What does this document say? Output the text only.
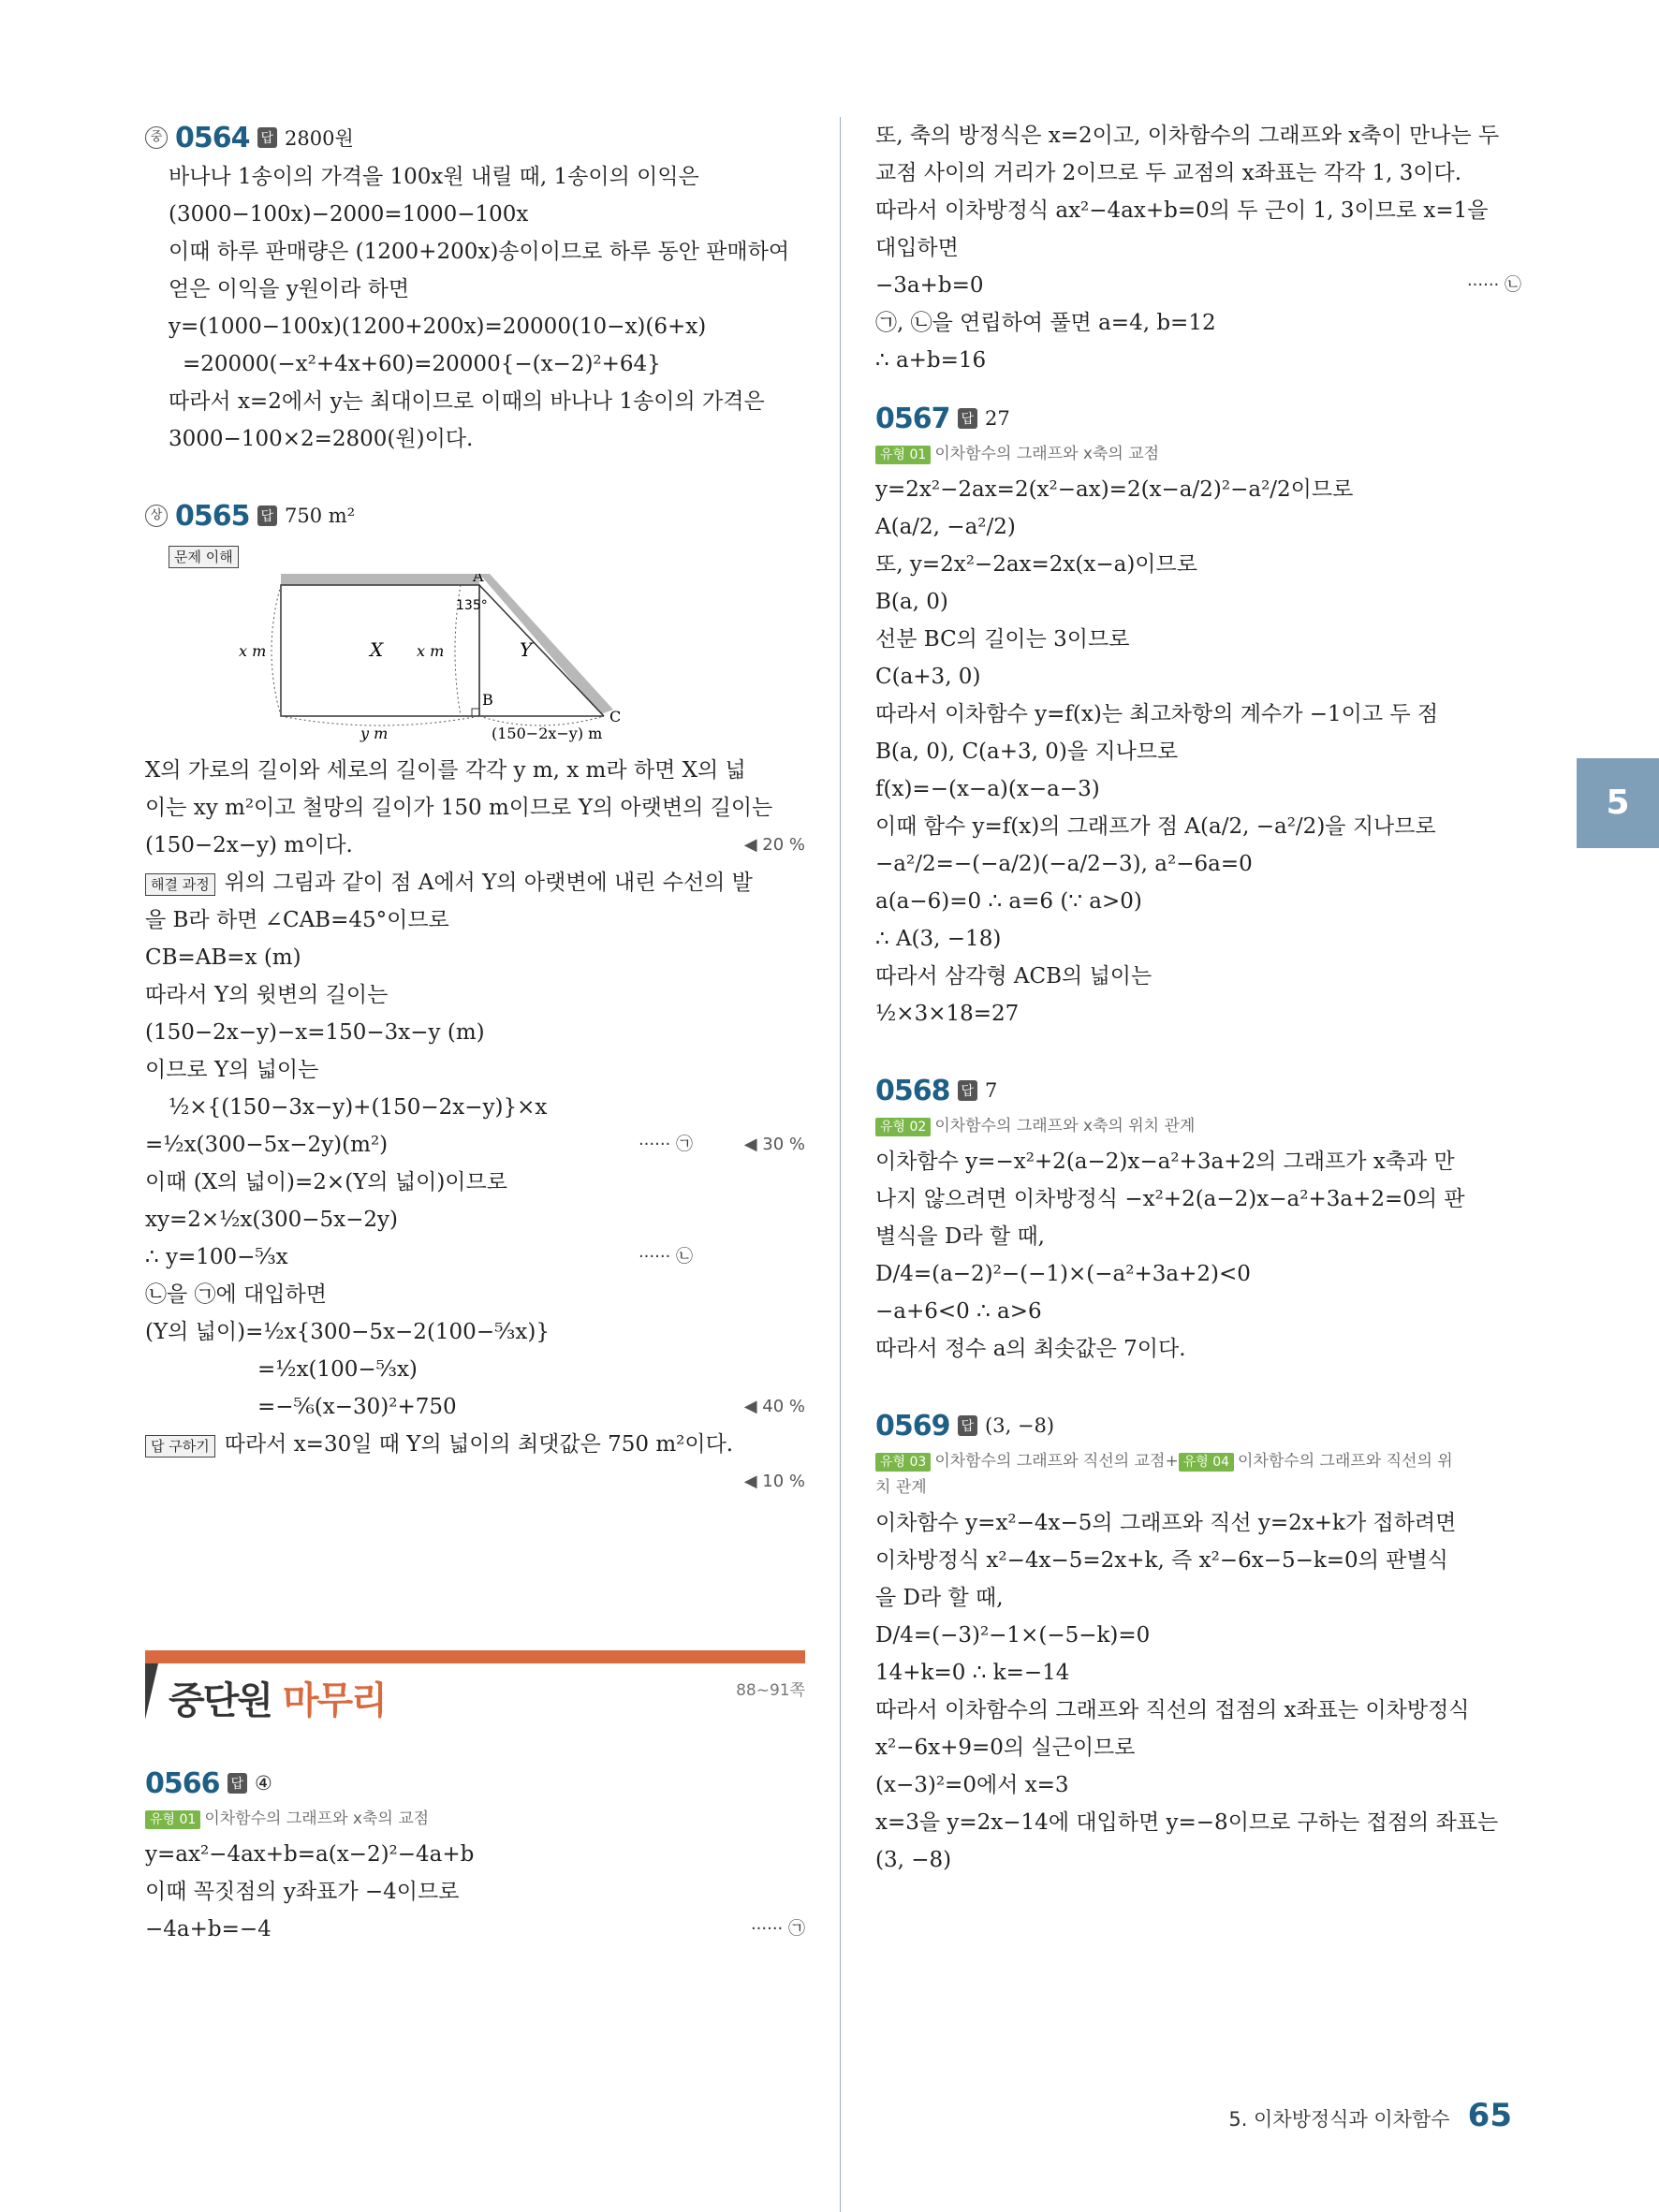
중 0564 답 2800원
바나나 1송이의 가격을 100x원 내릴 때, 1송이의 이익은
(3000−100x)−2000=1000−100x
이때 하루 판매량은 (1200+200x)송이이므로 하루 동안 판매하여
얻은 이익을 y원이라 하면
y=(1000−100x)(1200+200x)=20000(10−x)(6+x)
=20000(−x²+4x+60)=20000{−(x−2)²+64}
따라서 x=2에서 y는 최대이므로 이때의 바나나 1송이의 가격은
3000−100×2=2800(원)이다.
상 0565 답 750 m²
문제 이해
A
B
C
135°
X	Y
x m	x m
y m	(150−2x−y) m
X의 가로의 길이와 세로의 길이를 각각 y m, x m라 하면 X의 넓
이는 xy m²이고 철망의 길이가 150 m이므로 Y의 아랫변의 길이는
(150−2x−y) m이다.	◀ 20 %
해결 과정 위의 그림과 같이 점 A에서 Y의 아랫변에 내린 수선의 발
을 B라 하면 ∠CAB=45°이므로
CB=AB=x (m)
따라서 Y의 윗변의 길이는
(150−2x−y)−x=150−3x−y (m)
이므로 Y의 넓이는
½×{(150−3x−y)+(150−2x−y)}×x
=½x(300−5x−2y)(m²)	······ ㉠	◀ 30 %
이때 (X의 넓이)=2×(Y의 넓이)이므로
xy=2×½x(300−5x−2y)
∴ y=100−⁵⁄₃x	······ ㉡
㉡을 ㉠에 대입하면
(Y의 넓이)=½x{300−5x−2(100−⁵⁄₃x)}
=½x(100−⁵⁄₃x)
=−⁵⁄₆(x−30)²+750	◀ 40 %
답 구하기 따라서 x=30일 때 Y의 넓이의 최댓값은 750 m²이다.
◀ 10 %

중단원 마무리	88~91쪽
0566 답 ④
유형 01 이차함수의 그래프와 x축의 교점
y=ax²−4ax+b=a(x−2)²−4a+b
이때 꼭짓점의 y좌표가 −4이므로
−4a+b=−4	······ ㉠
또, 축의 방정식은 x=2이고, 이차함수의 그래프와 x축이 만나는 두
교점 사이의 거리가 2이므로 두 교점의 x좌표는 각각 1, 3이다.
따라서 이차방정식 ax²−4ax+b=0의 두 근이 1, 3이므로 x=1을
대입하면
−3a+b=0	······ ㉡
㉠, ㉡을 연립하여 풀면 a=4, b=12
∴ a+b=16
0567 답 27
유형 01 이차함수의 그래프와 x축의 교점
y=2x²−2ax=2(x²−ax)=2(x−a/2)²−a²/2이므로
A(a/2, −a²/2)
또, y=2x²−2ax=2x(x−a)이므로
B(a, 0)
선분 BC의 길이는 3이므로
C(a+3, 0)
따라서 이차함수 y=f(x)는 최고차항의 계수가 −1이고 두 점
B(a, 0), C(a+3, 0)을 지나므로
f(x)=−(x−a)(x−a−3)
이때 함수 y=f(x)의 그래프가 점 A(a/2, −a²/2)을 지나므로
−a²/2=−(−a/2)(−a/2−3), a²−6a=0
a(a−6)=0 ∴ a=6 (∵ a>0)
∴ A(3, −18)
따라서 삼각형 ACB의 넓이는
½×3×18=27
0568 답 7
유형 02 이차함수의 그래프와 x축의 위치 관계
이차함수 y=−x²+2(a−2)x−a²+3a+2의 그래프가 x축과 만
나지 않으려면 이차방정식 −x²+2(a−2)x−a²+3a+2=0의 판
별식을 D라 할 때,
D/4=(a−2)²−(−1)×(−a²+3a+2)<0
−a+6<0 ∴ a>6
따라서 정수 a의 최솟값은 7이다.
0569 답 (3, −8)
유형 03 이차함수의 그래프와 직선의 교점+ 유형 04 이차함수의 그래프와 직선의 위
치 관계
이차함수 y=x²−4x−5의 그래프와 직선 y=2x+k가 접하려면
이차방정식 x²−4x−5=2x+k, 즉 x²−6x−5−k=0의 판별식
을 D라 할 때,
D/4=(−3)²−1×(−5−k)=0
14+k=0 ∴ k=−14
따라서 이차함수의 그래프와 직선의 접점의 x좌표는 이차방정식
x²−6x+9=0의 실근이므로
(x−3)²=0에서 x=3
x=3을 y=2x−14에 대입하면 y=−8이므로 구하는 접점의 좌표는
(3, −8)
5
5. 이차방정식과 이차함수 65
